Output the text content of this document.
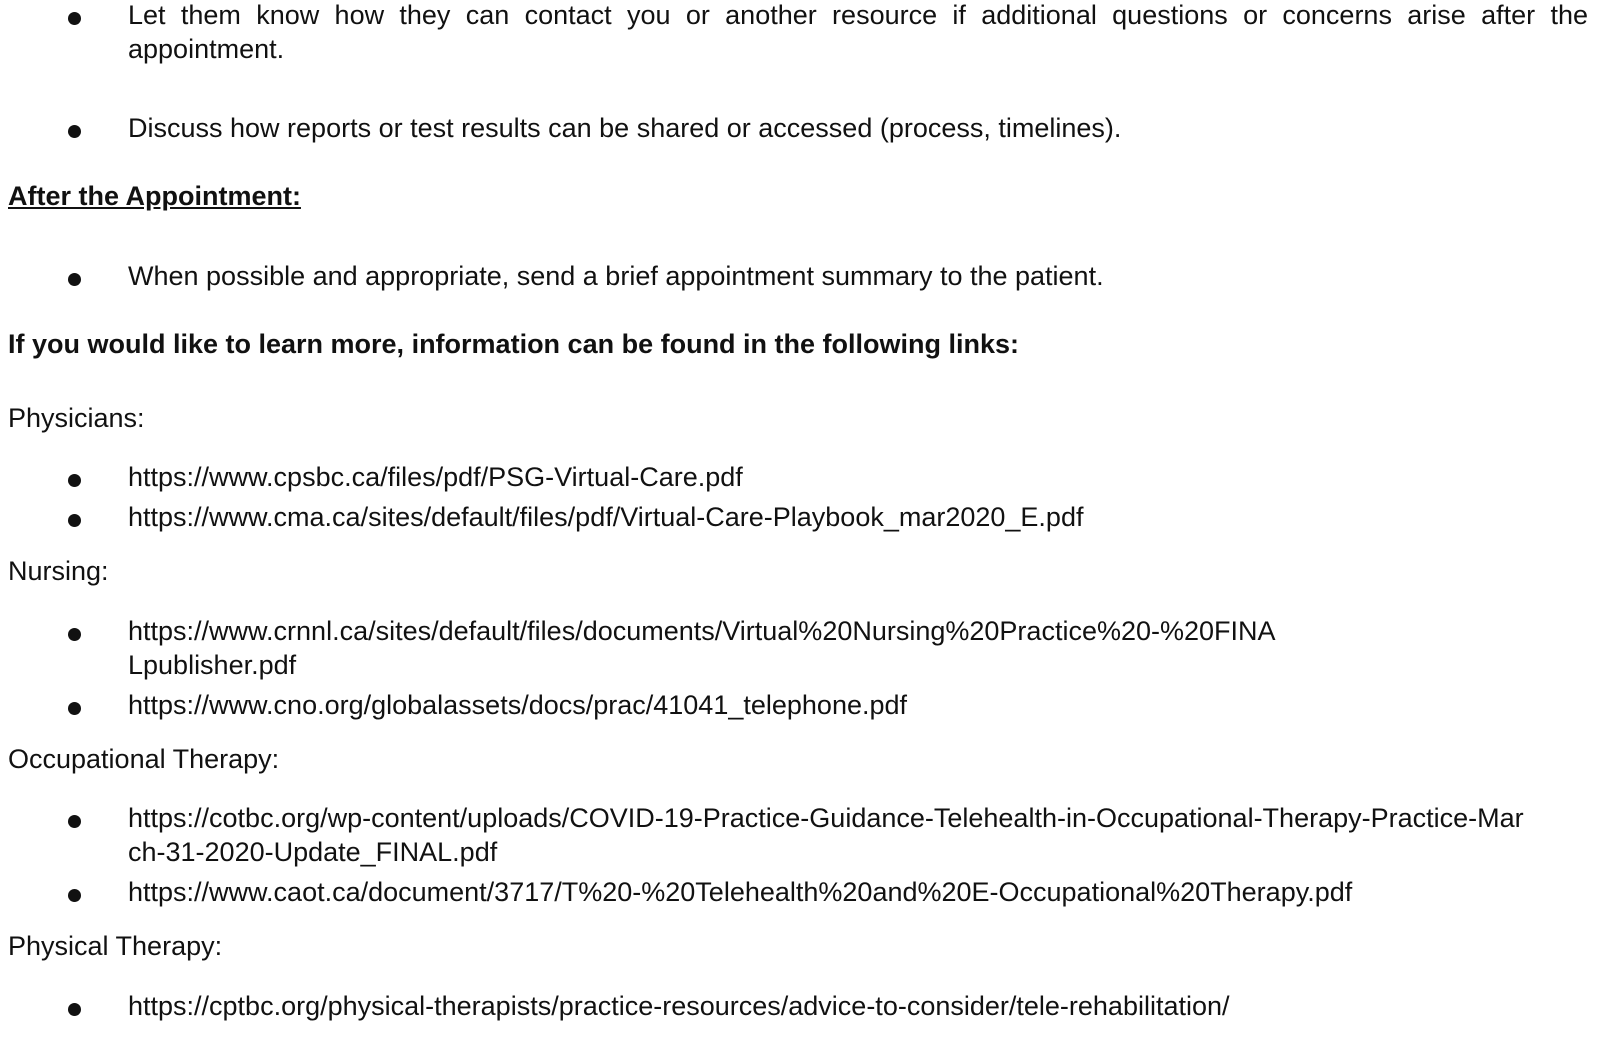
Let them know how they can contact you or another resource if additional questions or concerns arise after the appointment.

Discuss how reports or test results can be shared or accessed (process, timelines).

After the Appointment:

When possible and appropriate, send a brief appointment summary to the patient.

If you would like to learn more, information can be found in the following links:

Physicians:

https://www.cpsbc.ca/files/pdf/PSG-Virtual-Care.pdf

https://www.cma.ca/sites/default/files/pdf/Virtual-Care-Playbook_mar2020_E.pdf

Nursing:

https://www.crnnl.ca/sites/default/files/documents/Virtual%20Nursing%20Practice%20-%20FINALpublisher.pdf

https://www.cno.org/globalassets/docs/prac/41041_telephone.pdf

Occupational Therapy:

https://cotbc.org/wp-content/uploads/COVID-19-Practice-Guidance-Telehealth-in-Occupational-Therapy-Practice-March-31-2020-Update_FINAL.pdf

https://www.caot.ca/document/3717/T%20-%20Telehealth%20and%20E-Occupational%20Therapy.pdf

Physical Therapy:

https://cptbc.org/physical-therapists/practice-resources/advice-to-consider/tele-rehabilitation/
